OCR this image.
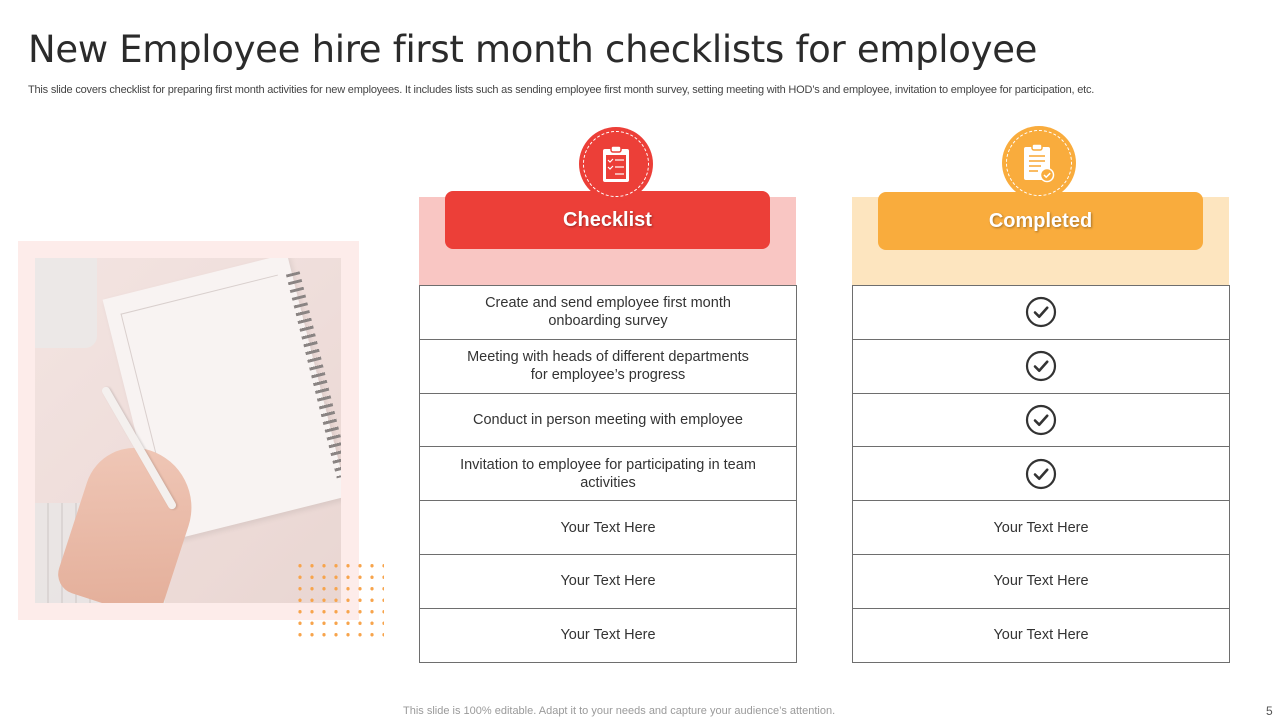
New Employee hire first month checklists for employee
This slide covers checklist for preparing first month activities for new employees. It includes lists such as sending employee first month survey, setting meeting with HOD’s and employee, invitation to employee for participation, etc.
Checklist	Completed
Create and send employee first month onboarding survey
Meeting with heads of different departments for employee’s progress
Conduct in person meeting with employee
Invitation to employee for participating in team activities
Your Text Here
Your Text Here
Your Text Here
Your Text Here
Your Text Here
Your Text Here
This slide is 100% editable. Adapt it to your needs and capture your audience’s attention.	5
